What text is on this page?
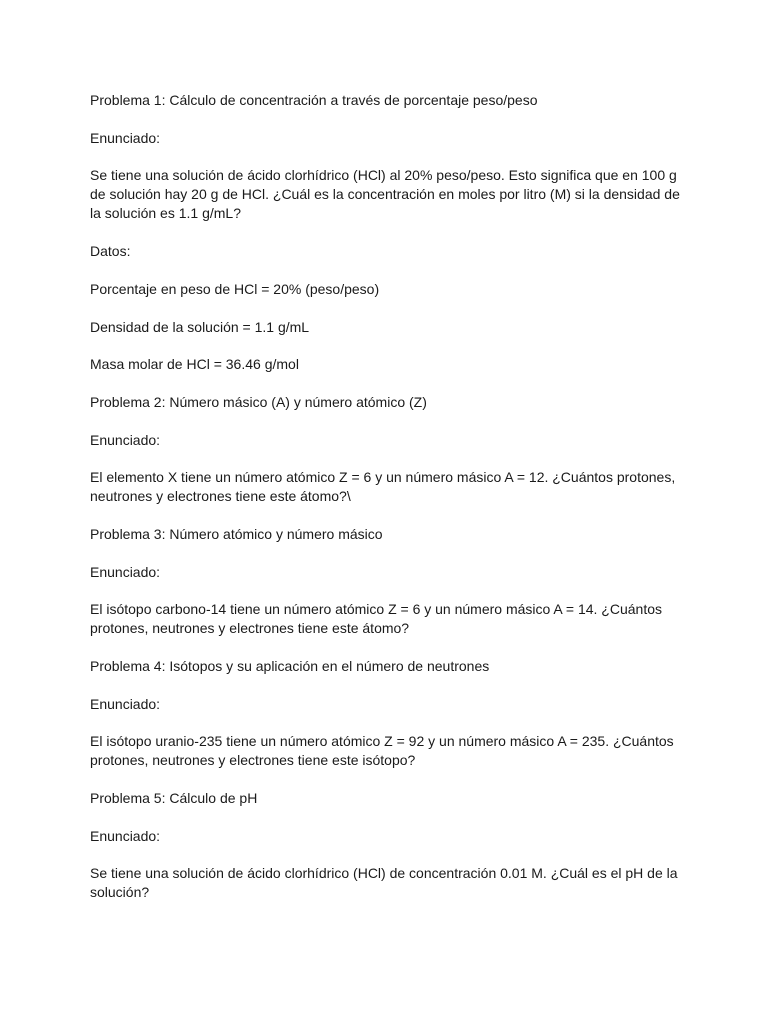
Problema 1: Cálculo de concentración a través de porcentaje peso/peso

Enunciado:

Se tiene una solución de ácido clorhídrico (HCl) al 20% peso/peso. Esto significa que en 100 g de solución hay 20 g de HCl. ¿Cuál es la concentración en moles por litro (M) si la densidad de la solución es 1.1 g/mL?

Datos:

Porcentaje en peso de HCl = 20% (peso/peso)

Densidad de la solución = 1.1 g/mL

Masa molar de HCl = 36.46 g/mol

Problema 2: Número másico (A) y número atómico (Z)

Enunciado:

El elemento X tiene un número atómico Z = 6 y un número másico A = 12. ¿Cuántos protones, neutrones y electrones tiene este átomo?\

Problema 3: Número atómico y número másico

Enunciado:

El isótopo carbono-14 tiene un número atómico Z = 6 y un número másico A = 14. ¿Cuántos protones, neutrones y electrones tiene este átomo?

Problema 4: Isótopos y su aplicación en el número de neutrones

Enunciado:

El isótopo uranio-235 tiene un número atómico Z = 92 y un número másico A = 235. ¿Cuántos protones, neutrones y electrones tiene este isótopo?

Problema 5: Cálculo de pH

Enunciado:

Se tiene una solución de ácido clorhídrico (HCl) de concentración 0.01 M. ¿Cuál es el pH de la solución?
